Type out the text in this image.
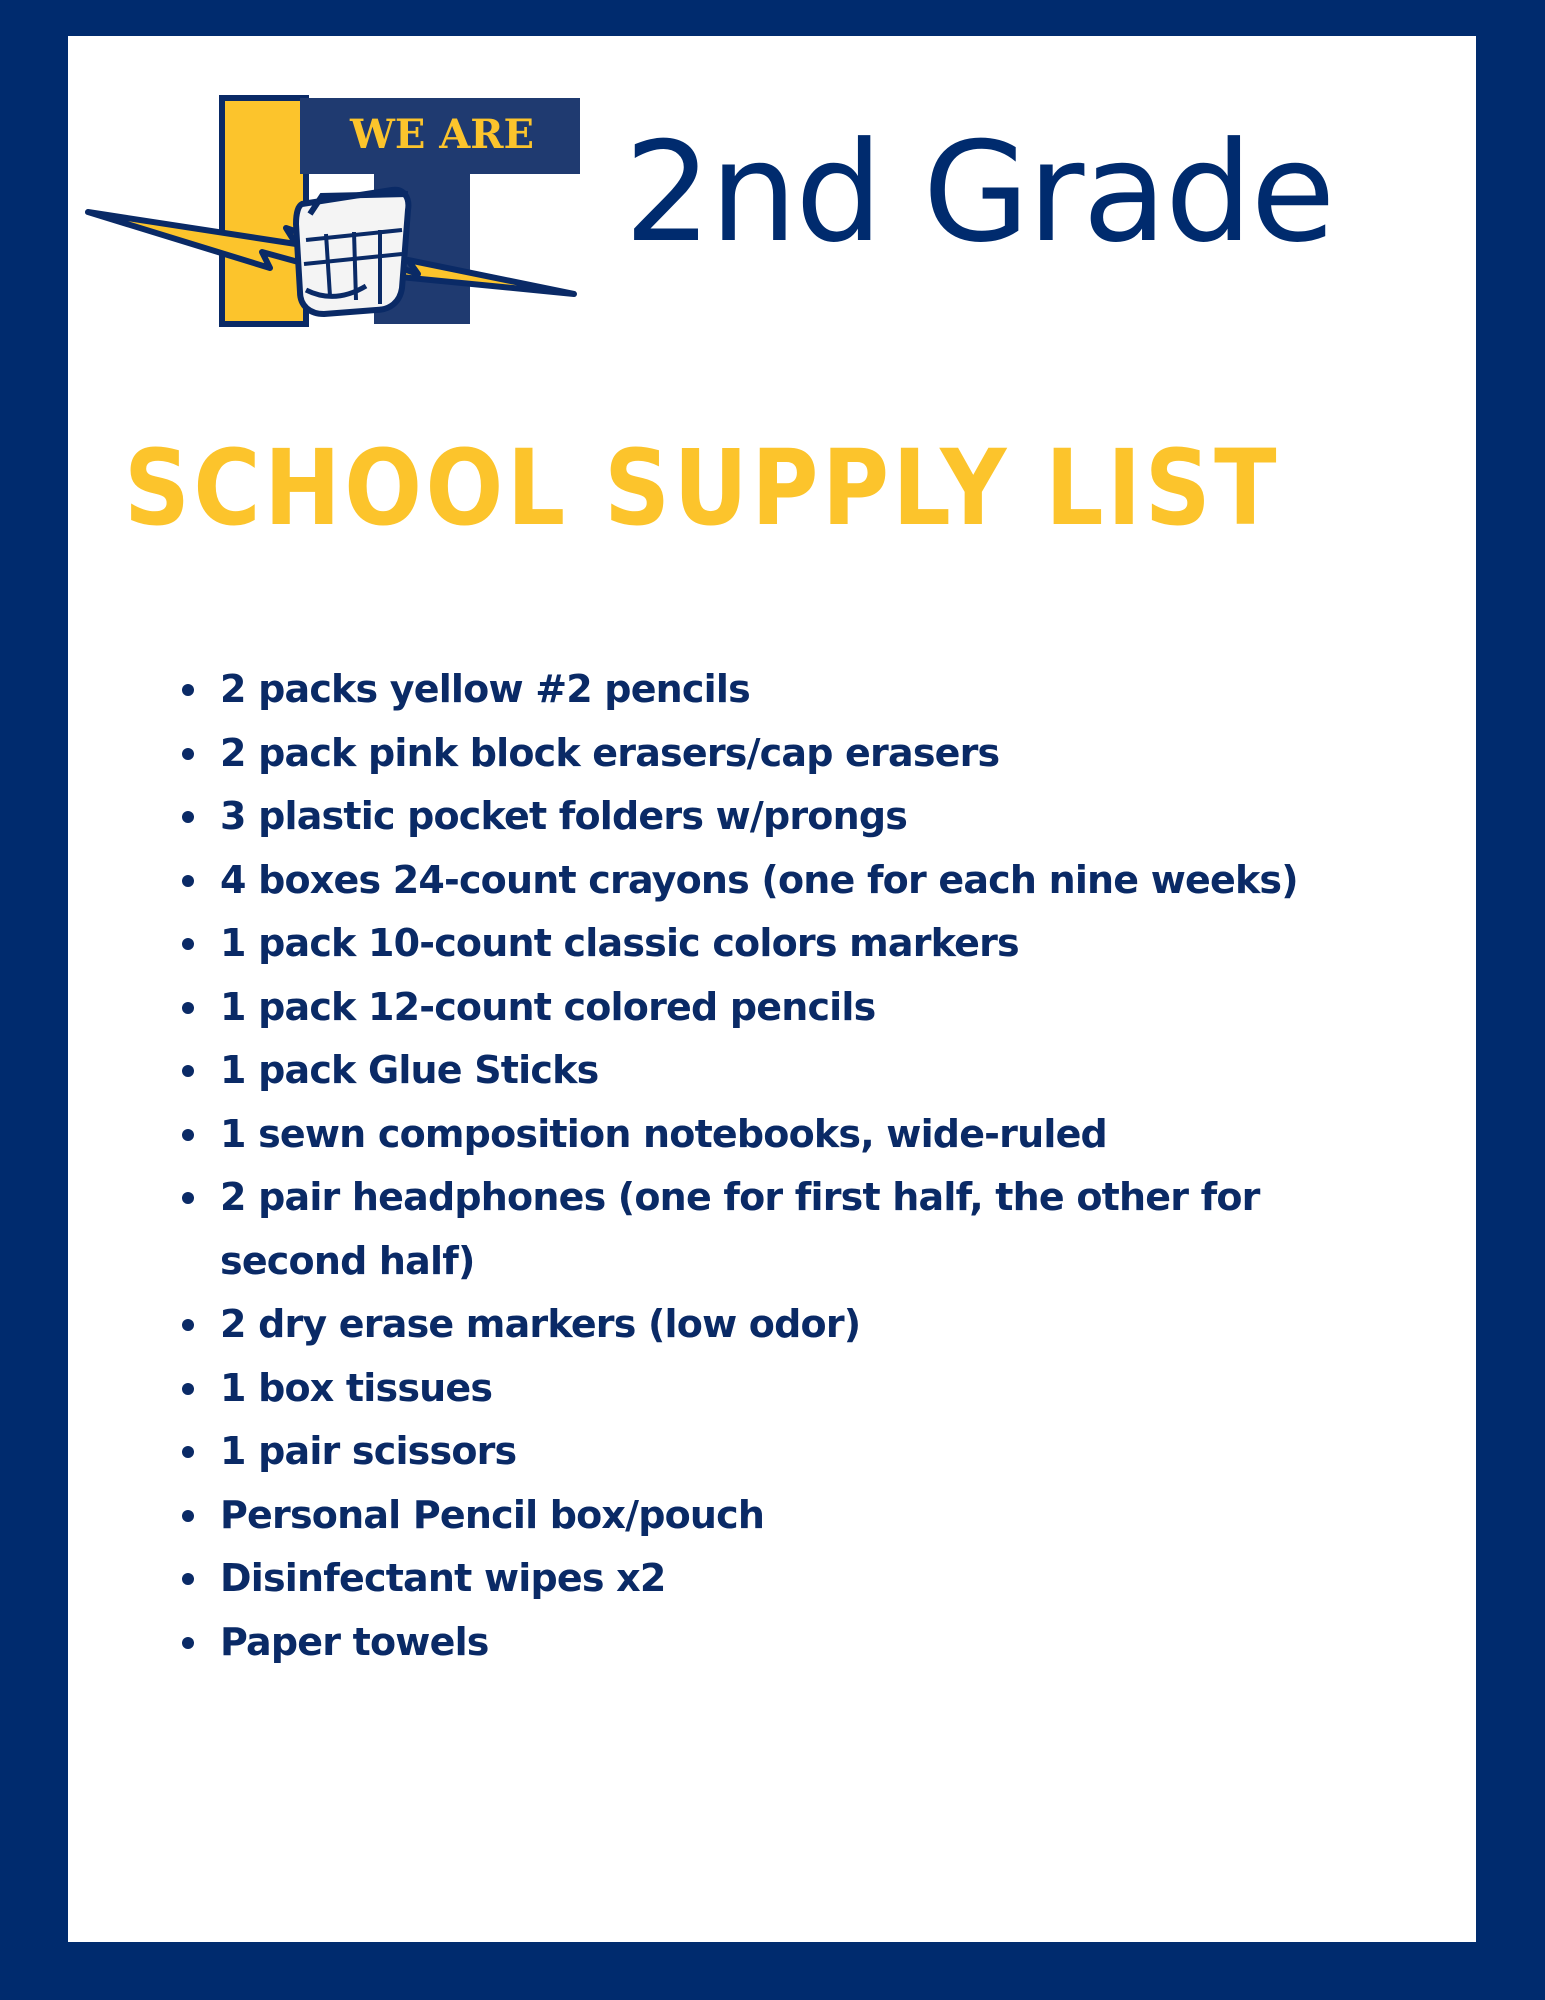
WE ARE 2nd Grade
SCHOOL SUPPLY LIST
2 packs yellow #2 pencils
2 pack pink block erasers/cap erasers
3 plastic pocket folders w/prongs
4 boxes 24-count crayons (one for each nine weeks)
1 pack 10-count classic colors markers
1 pack 12-count colored pencils
1 pack Glue Sticks
1 sewn composition notebooks, wide-ruled
2 pair headphones (one for first half, the other for second half)
2 dry erase markers (low odor)
1 box tissues
1 pair scissors
Personal Pencil box/pouch
Disinfectant wipes x2
Paper towels
